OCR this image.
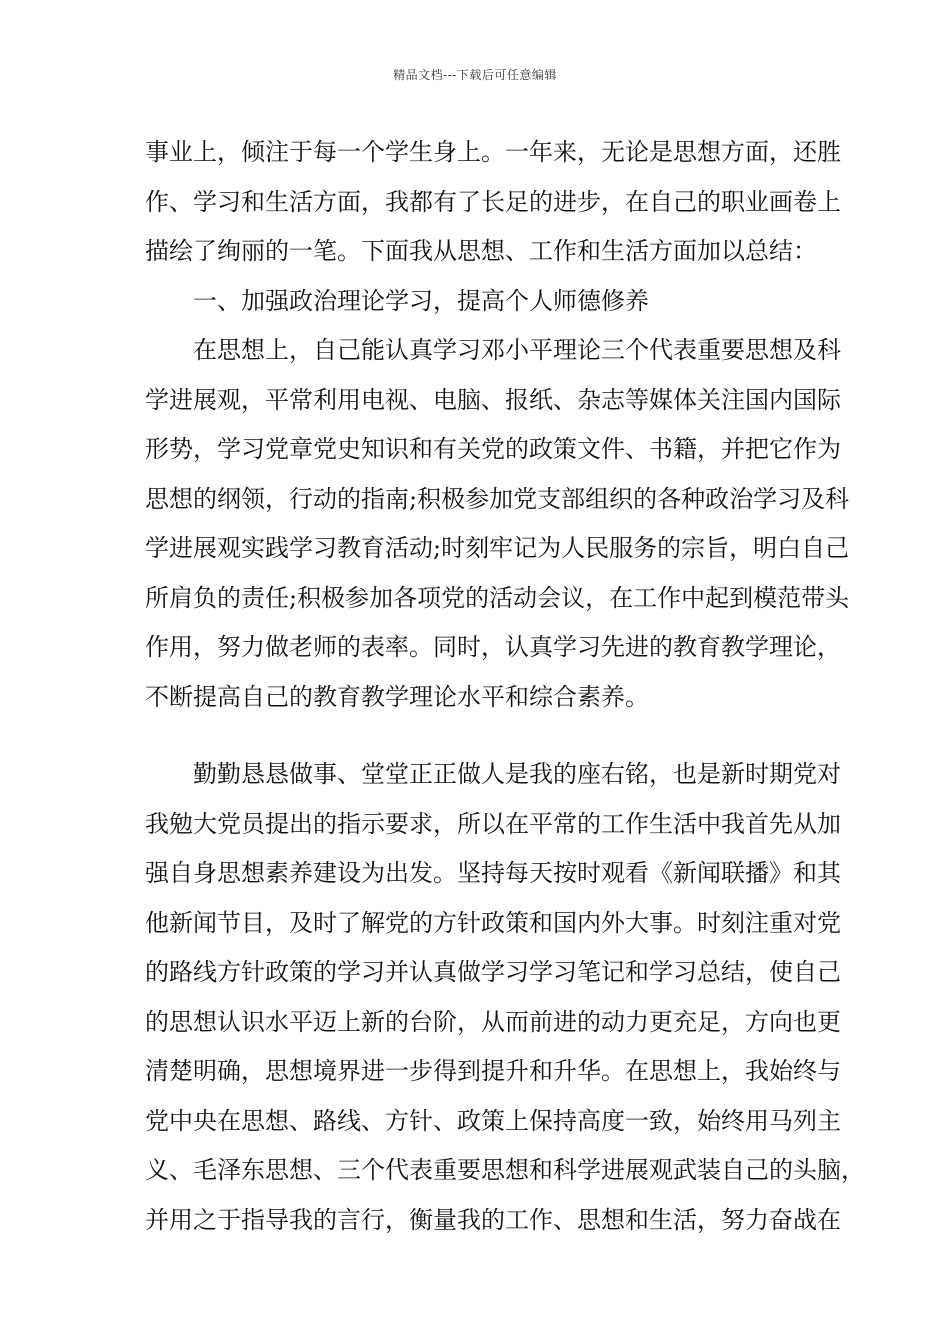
精品文档---下载后可任意编辑
事业上，倾注于每一个学生身上。一年来，无论是思想方面，还胜
作、学习和生活方面，我都有了长足的进步，在自己的职业画卷上
描绘了绚丽的一笔。下面我从思想、工作和生活方面加以总结：
一、加强政治理论学习，提高个人师德修养
在思想上，自己能认真学习邓小平理论三个代表重要思想及科
学进展观，平常利用电视、电脑、报纸、杂志等媒体关注国内国际
形势，学习党章党史知识和有关党的政策文件、书籍，并把它作为
思想的纲领，行动的指南;积极参加党支部组织的各种政治学习及科
学进展观实践学习教育活动;时刻牢记为人民服务的宗旨，明白自己
所肩负的责任;积极参加各项党的活动会议，在工作中起到模范带头
作用，努力做老师的表率。同时，认真学习先进的教育教学理论，
不断提高自己的教育教学理论水平和综合素养。
勤勤恳恳做事、堂堂正正做人是我的座右铭，也是新时期党对
我勉大党员提出的指示要求，所以在平常的工作生活中我首先从加
强自身思想素养建设为出发。坚持每天按时观看《新闻联播》和其
他新闻节目，及时了解党的方针政策和国内外大事。时刻注重对党
的路线方针政策的学习并认真做学习学习笔记和学习总结，使自己
的思想认识水平迈上新的台阶，从而前进的动力更充足，方向也更
清楚明确，思想境界进一步得到提升和升华。在思想上，我始终与
党中央在思想、路线、方针、政策上保持高度一致，始终用马列主
义、毛泽东思想、三个代表重要思想和科学进展观武装自己的头脑，
并用之于指导我的言行，衡量我的工作、思想和生活，努力奋战在
